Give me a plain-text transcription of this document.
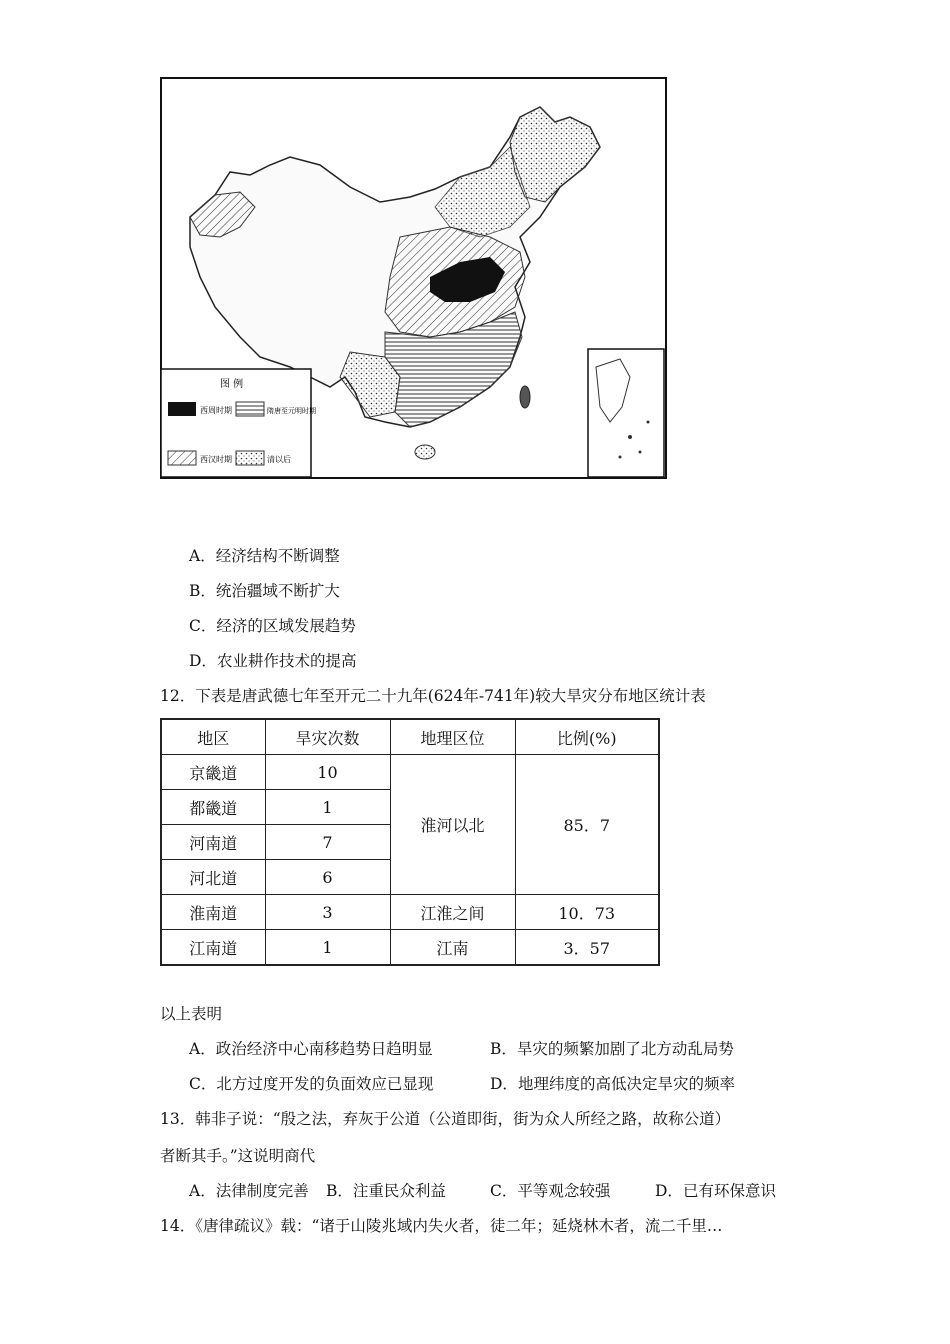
图 例
西周时期	隋唐至元明时期
西汉时期	清以后
A．经济结构不断调整
B．统治疆域不断扩大
C．经济的区域发展趋势
D．农业耕作技术的提高
12．下表是唐武德七年至开元二十九年(624年-741年)较大旱灾分布地区统计表
地区	旱灾次数	地理区位	比例(%)
京畿道	10	淮河以北	85．7
都畿道	1		
河南道	7		
河北道	6		
淮南道	3	江淮之间	10．73
江南道	1	江南	3．57
以上表明
A．政治经济中心南移趋势日趋明显	B．旱灾的频繁加剧了北方动乱局势
C．北方过度开发的负面效应已显现	D．地理纬度的高低决定旱灾的频率
13．韩非子说：“殷之法，弃灰于公道（公道即街，街为众人所经之路，故称公道）
者断其手。”这说明商代
A．法律制度完善 B．注重民众利益	C．平等观念较强	D．已有环保意识
14．《唐律疏议》载：“诸于山陵兆域内失火者，徒二年；延烧林木者，流二千里…
